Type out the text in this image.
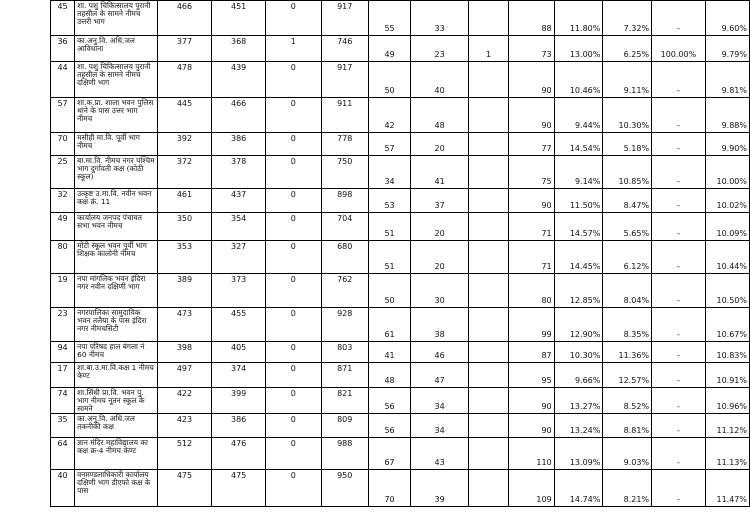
45	शा. पशु चिकित्सालय पुरानी तहसील के सामने नीमच उत्तरी भाग	466	451	0	917	55	33		88	11.80%	7.32%	-	9.60%
36	का.अनु.वि. अधि.जल आविधाना	377	368	1	746	49	23	1	73	13.00%	6.25%	100.00%	9.79%
44	शा. पशु चिकित्सालय पुरानी तहसील के सामने नीमच दक्षिणी भाग	478	439	0	917	50	40		90	10.46%	9.11%	-	9.81%
57	शा.क.प्रा. शाला भवन पुलिस थाने के पास उत्तर भाग नीमच	445	466	0	911	42	48		90	9.44%	10.30%	-	9.88%
70	मसीही मा.वि. पूर्वी भाग नीमच	392	386	0	778	57	20		77	14.54%	5.18%	-	9.90%
25	बा.मा.वि. नीमच नगर पश्चिम भाग दुर्गावती कक्ष (कोठी स्कूल)	372	378	0	750	34	41		75	9.14%	10.85%	-	10.00%
32	उत्कृष्ट उ.मा.वि. नवीन भवन कक्ष क्रं. 11	461	437	0	898	53	37		90	11.50%	8.47%	-	10.02%
49	कार्यालय जनपद पंचायत सभा भवन नीमच	350	354	0	704	51	20		71	14.57%	5.65%	-	10.09%
80	मोंटी स्कूल भवन पूर्वी भाग शिक्षक कालोनी नीमच	353	327	0	680	51	20		71	14.45%	6.12%	-	10.44%
19	नपा मांगलिक भवन इंदिरा नगर नवीन दक्षिणी भाग	389	373	0	762	50	30		80	12.85%	8.04%	-	10.50%
23	नगरपालिका सामुदायिक भवन तलैया के पास इंदिरा नगर नीमचसिटी	473	455	0	928	61	38		99	12.90%	8.35%	-	10.67%
94	नपा परिषद हाल बंगला नं 60 नीमच	398	405	0	803	41	46		87	10.30%	11.36%	-	10.83%
17	शा.बा.उ.मा.वि.कक्ष 1 नीमच केण्ट	497	374	0	871	48	47		95	9.66%	12.57%	-	10.91%
74	शा.सिंधी प्रा.वि. भवन पु. भाग नीमच नूतन स्कूल के सामने	422	399	0	821	56	34		90	13.27%	8.52%	-	10.96%
35	का.अनु.वि. अधि.जल तकनीकी कक्ष	423	386	0	809	56	34		90	13.24%	8.81%	-	11.12%
64	ज्ञान मंदिर महाविद्यालय का कक्ष क्र-4 नीमच केण्ट	512	476	0	988	67	43		110	13.09%	9.03%	-	11.13%
40	वनमण्डलाधिकारी कार्यालय दक्षिणी भाग डीएफो कक्ष के पास	475	475	0	950	70	39		109	14.74%	8.21%	-	11.47%
